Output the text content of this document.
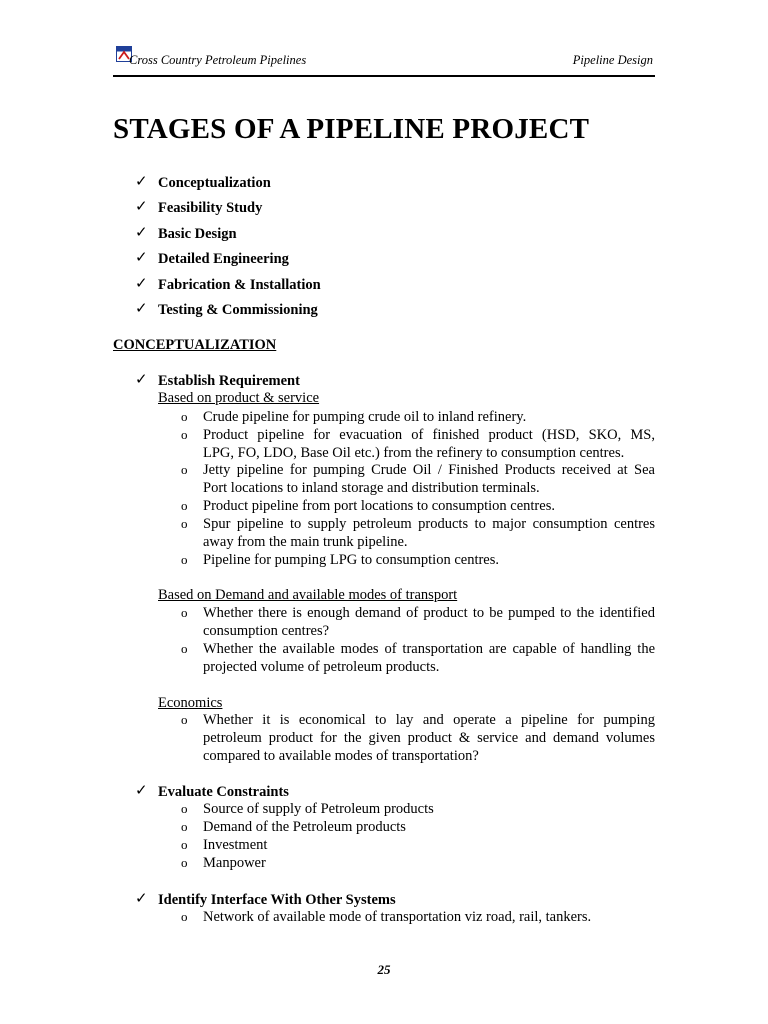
Cross Country Petroleum Pipelines	Pipeline Design
STAGES OF A PIPELINE PROJECT
✓ Conceptualization
✓ Feasibility Study
✓ Basic Design
✓ Detailed Engineering
✓ Fabrication & Installation
✓ Testing & Commissioning
CONCEPTUALIZATION
✓ Establish Requirement
Based on product & service
o Crude pipeline for pumping crude oil to inland refinery.
o Product pipeline for evacuation of finished product (HSD, SKO, MS,
LPG, FO, LDO, Base Oil etc.) from the refinery to consumption centres.
o Jetty pipeline for pumping Crude Oil / Finished Products received at Sea
Port locations to inland storage and distribution terminals.
o Product pipeline from port locations to consumption centres.
o Spur pipeline to supply petroleum products to major consumption centres
away from the main trunk pipeline.
o Pipeline for pumping LPG to consumption centres.
Based on Demand and available modes of transport
o Whether there is enough demand of product to be pumped to the identified
consumption centres?
o Whether the available modes of transportation are capable of handling the
projected volume of petroleum products.
Economics
o Whether it is economical to lay and operate a pipeline for pumping
petroleum product for the given product & service and demand volumes
compared to available modes of transportation?
✓ Evaluate Constraints
o Source of supply of Petroleum products
o Demand of the Petroleum products
o Investment
o Manpower
✓ Identify Interface With Other Systems
o Network of available mode of transportation viz road, rail, tankers.
25
